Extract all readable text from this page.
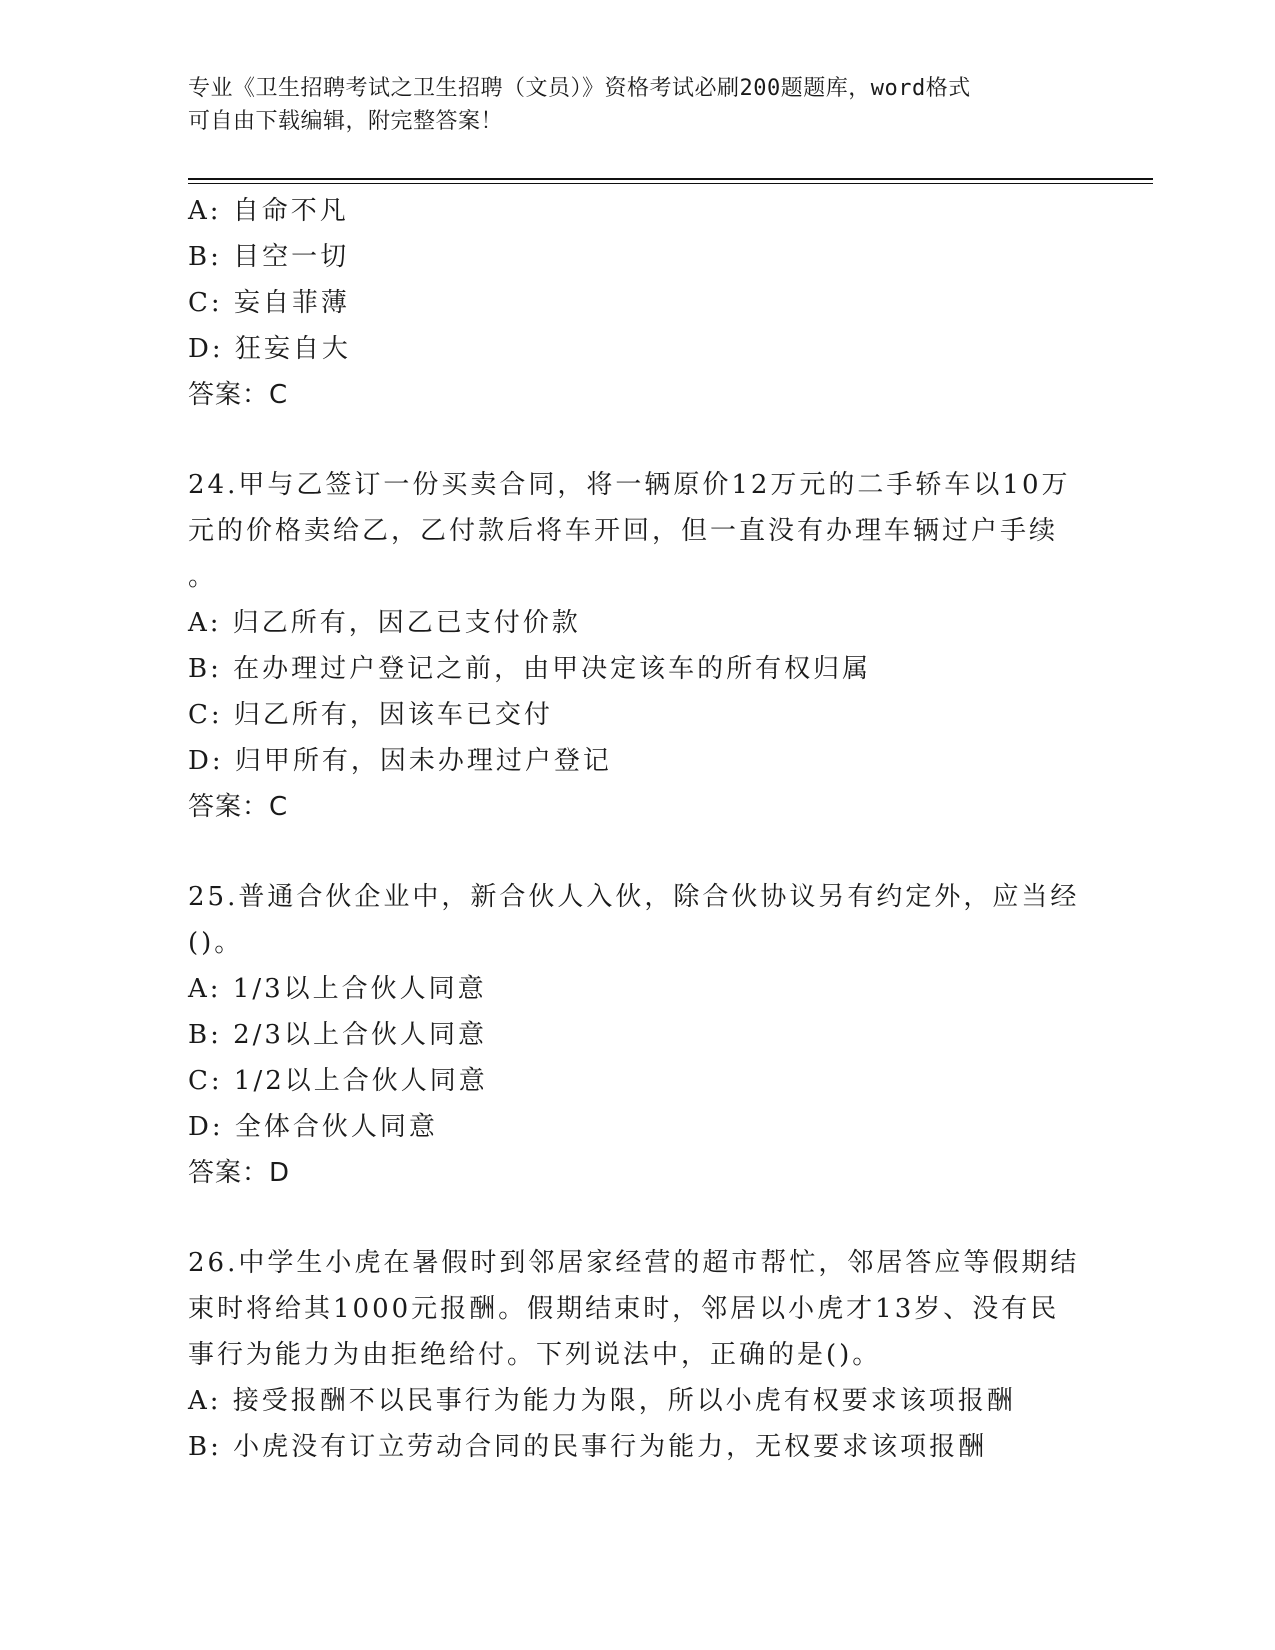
专业《卫生招聘考试之卫生招聘（文员）》资格考试必刷200题题库，word格式
可自由下载编辑，附完整答案！
A: 自命不凡
B: 目空一切
C: 妄自菲薄
D: 狂妄自大
答案：C
24.甲与乙签订一份买卖合同，将一辆原价12万元的二手轿车以10万
元的价格卖给乙，乙付款后将车开回，但一直没有办理车辆过户手续
。
A: 归乙所有，因乙已支付价款
B: 在办理过户登记之前，由甲决定该车的所有权归属
C: 归乙所有，因该车已交付
D: 归甲所有，因未办理过户登记
答案：C
25.普通合伙企业中，新合伙人入伙，除合伙协议另有约定外，应当经
()。
A: 1/3以上合伙人同意
B: 2/3以上合伙人同意
C: 1/2以上合伙人同意
D: 全体合伙人同意
答案：D
26.中学生小虎在暑假时到邻居家经营的超市帮忙，邻居答应等假期结
束时将给其1000元报酬。假期结束时，邻居以小虎才13岁、没有民
事行为能力为由拒绝给付。下列说法中，正确的是()。
A: 接受报酬不以民事行为能力为限，所以小虎有权要求该项报酬
B: 小虎没有订立劳动合同的民事行为能力，无权要求该项报酬
